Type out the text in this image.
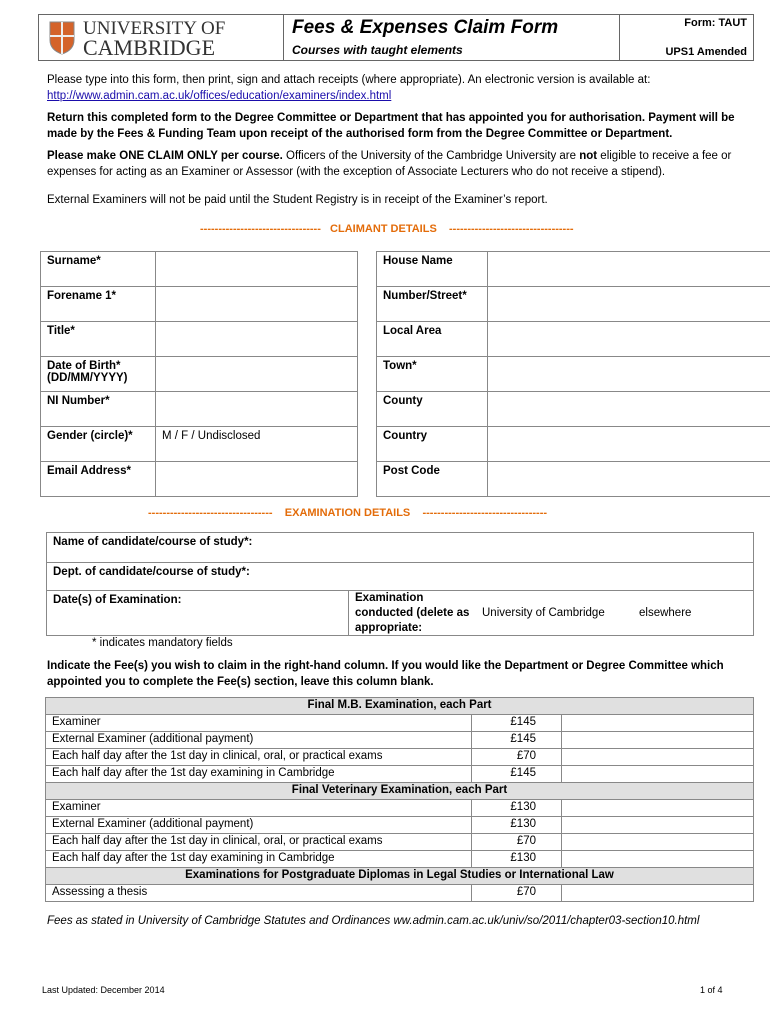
UNIVERSITY OF
CAMBRIDGE
Fees & Expenses Claim Form
Courses with taught elements
Form: TAUT
UPS1 Amended

Please type into this form, then print, sign and attach receipts (where appropriate). An electronic version is available at:
http://www.admin.cam.ac.uk/offices/education/examiners/index.html

Return this completed form to the Degree Committee or Department that has appointed you for authorisation. Payment will be made by the Fees & Funding Team upon receipt of the authorised form from the Degree Committee or Department.

Please make ONE CLAIM ONLY per course. Officers of the University of the Cambridge University are not eligible to receive a fee or expenses for acting as an Examiner or Assessor (with the exception of Associate Lecturers who do not receive a stipend).

External Examiners will not be paid until the Student Registry is in receipt of the Examiner’s report.

---------------------------------   CLAIMANT DETAILS    ----------------------------------
Surname*	
Forename 1*	
Title*	
Date of Birth* (DD/MM/YYYY)	
NI Number*	
Gender (circle)*	M / F / Undisclosed
Email Address*	
House Name	
Number/Street*	
Local Area	
Town*	
County	
Country	
Post Code	
----------------------------------    EXAMINATION DETAILS    ----------------------------------
Name of candidate/course of study*:
Dept. of candidate/course of study*:
Date(s) of Examination:	Examination conducted (delete as appropriate:
University of Cambridge	elsewhere
* indicates mandatory fields

Indicate the Fee(s) you wish to claim in the right-hand column. If you would like the Department or Degree Committee which appointed you to complete the Fee(s) section, leave this column blank.

Final M.B. Examination, each Part		
Examiner	£145	
External Examiner (additional payment)	£145	
Each half day after the 1st day in clinical, oral, or practical exams	£70	
Each half day after the 1st day examining in Cambridge	£145	
Final Veterinary Examination, each Part		
Examiner	£130	
External Examiner (additional payment)	£130	
Each half day after the 1st day in clinical, oral, or practical exams	£70	
Each half day after the 1st day examining in Cambridge	£130	
Examinations for Postgraduate Diplomas in Legal Studies or International Law		
Assessing a thesis	£70	

Fees as stated in University of Cambridge Statutes and Ordinances ww.admin.cam.ac.uk/univ/so/2011/chapter03-section10.html

Last Updated: December 2014	1 of 4
